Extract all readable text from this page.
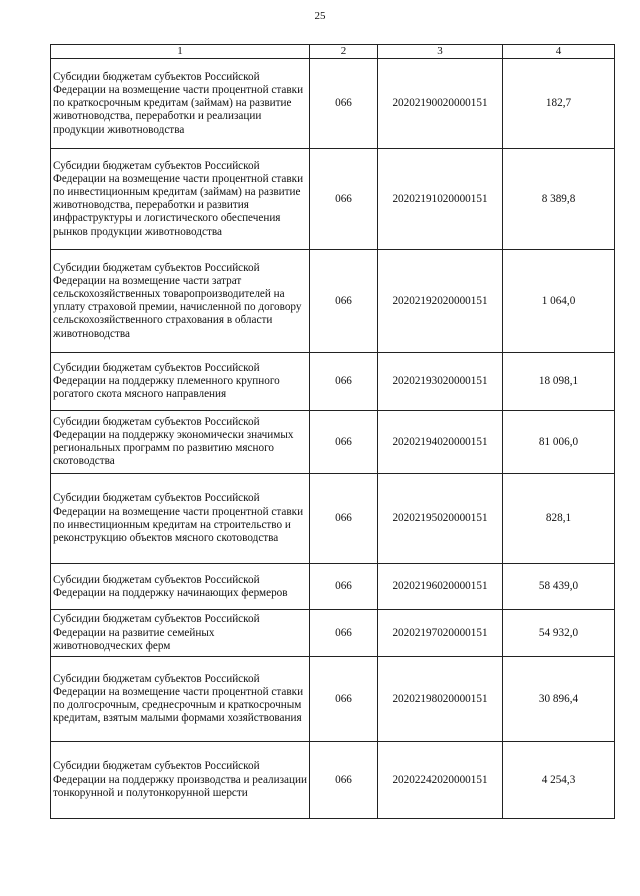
25
1	2	3	4
Субсидии бюджетам субъектов Российской Федерации на возмещение части процентной ставки по краткосрочным кредитам (займам) на развитие животноводства, переработки и реализации продукции животноводства	066	20202190020000151	182,7
Субсидии бюджетам субъектов Российской Федерации на возмещение части процентной ставки по инвестиционным кредитам (займам) на развитие животноводства, переработки и развития инфраструктуры и логистического обеспечения рынков продукции животноводства	066	20202191020000151	8 389,8
Субсидии бюджетам субъектов Российской Федерации на возмещение части затрат сельскохозяйственных товаропроизводителей на уплату страховой премии, начисленной по договору сельскохозяйственного страхования в области животноводства	066	20202192020000151	1 064,0
Субсидии бюджетам субъектов Российской Федерации на поддержку племенного крупного рогатого скота мясного направления	066	20202193020000151	18 098,1
Субсидии бюджетам субъектов Российской Федерации на поддержку экономически значимых региональных программ по развитию мясного скотоводства	066	20202194020000151	81 006,0
Субсидии бюджетам субъектов Российской Федерации на возмещение части процентной ставки по инвестиционным кредитам на строительство и реконструкцию объектов мясного скотоводства	066	20202195020000151	828,1
Субсидии бюджетам субъектов Российской Федерации на поддержку начинающих фермеров	066	20202196020000151	58 439,0
Субсидии бюджетам субъектов Российской Федерации на развитие семейных животноводческих ферм	066	20202197020000151	54 932,0
Субсидии бюджетам субъектов Российской Федерации на возмещение части процентной ставки по долгосрочным, среднесрочным и краткосрочным кредитам, взятым малыми формами хозяйствования	066	20202198020000151	30 896,4
Субсидии бюджетам субъектов Российской Федерации на поддержку производства и реализации тонкорунной и полутонкорунной шерсти	066	20202242020000151	4 254,3
